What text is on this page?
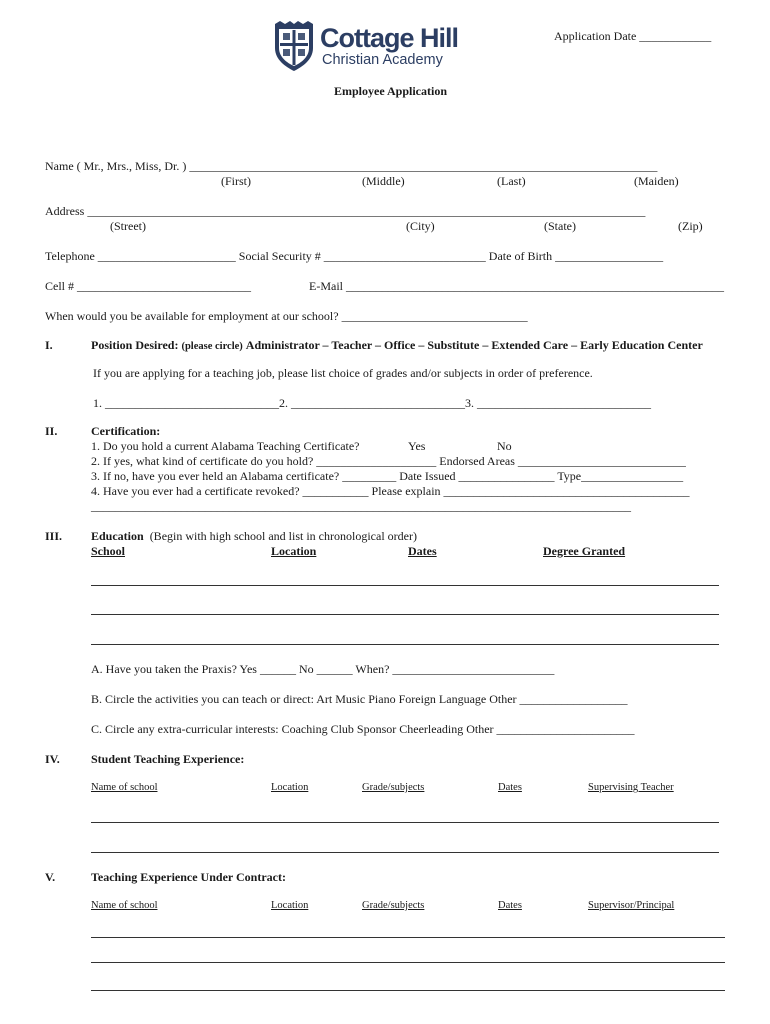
Cottage Hill
Christian Academy
Application Date ____________
Employee Application
Name ( Mr., Mrs., Miss, Dr. ) ______________________________________________________________________________
(First)	(Middle)	(Last)	(Maiden)
Address _____________________________________________________________________________________________
(Street)	(City)	(State)	(Zip)
Telephone _______________________ Social Security # ___________________________ Date of Birth __________________
Cell # _____________________________	E-Mail _______________________________________________________________
When would you be available for employment at our school? _______________________________
I.	Position Desired: (please circle) Administrator – Teacher – Office – Substitute – Extended Care – Early Education Center
If you are applying for a teaching job, please list choice of grades and/or subjects in order of preference.
1. _____________________________2. _____________________________3. _____________________________
II.	Certification:
1. Do you hold a current Alabama Teaching Certificate?	Yes	No
2. If yes, what kind of certificate do you hold? ____________________ Endorsed Areas ____________________________
3. If no, have you ever held an Alabama certificate? _________ Date Issued ________________ Type_________________
4. Have you ever had a certificate revoked? ___________ Please explain _________________________________________
__________________________________________________________________________________________
III. Education (Begin with high school and list in chronological order)
School	Location	Dates	Degree Granted
A. Have you taken the Praxis? Yes ______ No ______ When? ___________________________
B. Circle the activities you can teach or direct: Art Music Piano Foreign Language Other __________________
C. Circle any extra-curricular interests: Coaching Club Sponsor Cheerleading Other _______________________
IV.	Student Teaching Experience:
Name of school	Location	Grade/subjects	Dates	Supervising Teacher
V.	Teaching Experience Under Contract:
Name of school	Location	Grade/subjects	Dates	Supervisor/Principal
